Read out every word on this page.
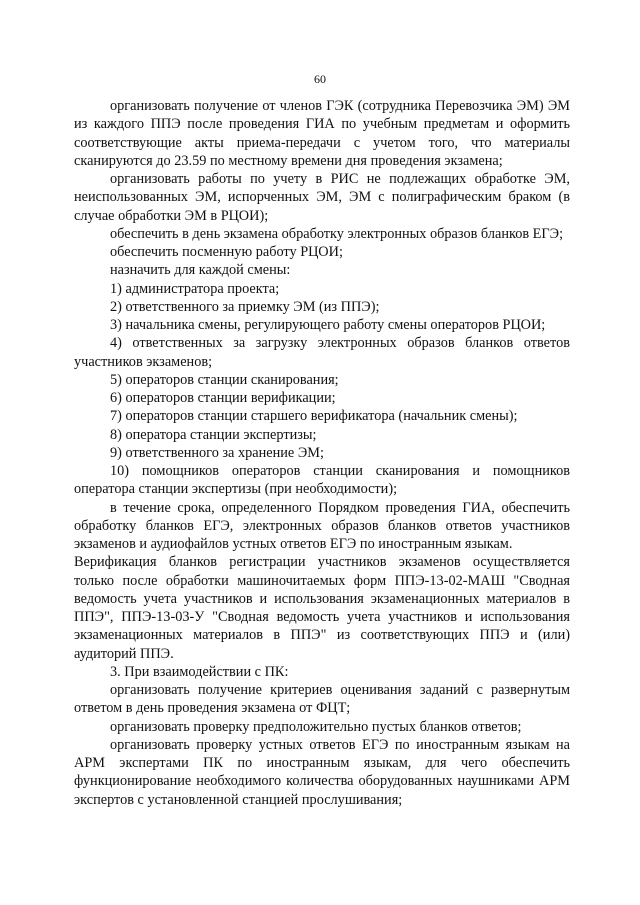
60

организовать получение от членов ГЭК (сотрудника Перевозчика ЭМ) ЭМ из каждого ППЭ после проведения ГИА по учебным предметам и оформить соответствующие акты приема-передачи с учетом того, что материалы сканируются до 23.59 по местному времени дня проведения экзамена;

организовать работы по учету в РИС не подлежащих обработке ЭМ, неиспользованных ЭМ, испорченных ЭМ, ЭМ с полиграфическим браком (в случае обработки ЭМ в РЦОИ);

обеспечить в день экзамена обработку электронных образов бланков ЕГЭ;

обеспечить посменную работу РЦОИ;

назначить для каждой смены:

1) администратора проекта;

2) ответственного за приемку ЭМ (из ППЭ);

3) начальника смены, регулирующего работу смены операторов РЦОИ;

4) ответственных за загрузку электронных образов бланков ответов участников экзаменов;

5) операторов станции сканирования;

6) операторов станции верификации;

7) операторов станции старшего верификатора (начальник смены);

8) оператора станции экспертизы;

9) ответственного за хранение ЭМ;

10) помощников операторов станции сканирования и помощников оператора станции экспертизы (при необходимости);

в течение срока, определенного Порядком проведения ГИА, обеспечить обработку бланков ЕГЭ, электронных образов бланков ответов участников экзаменов и аудиофайлов устных ответов ЕГЭ по иностранным языкам.

Верификация бланков регистрации участников экзаменов осуществляется только после обработки машиночитаемых форм ППЭ-13-02-МАШ "Сводная ведомость учета участников и использования экзаменационных материалов в ППЭ", ППЭ-13-03-У "Сводная ведомость учета участников и использования экзаменационных материалов в ППЭ" из соответствующих ППЭ и (или) аудиторий ППЭ.

3. При взаимодействии с ПК:

организовать получение критериев оценивания заданий с развернутым ответом в день проведения экзамена от ФЦТ;

организовать проверку предположительно пустых бланков ответов;

организовать проверку устных ответов ЕГЭ по иностранным языкам на АРМ экспертами ПК по иностранным языкам, для чего обеспечить функционирование необходимого количества оборудованных наушниками АРМ экспертов с установленной станцией прослушивания;
